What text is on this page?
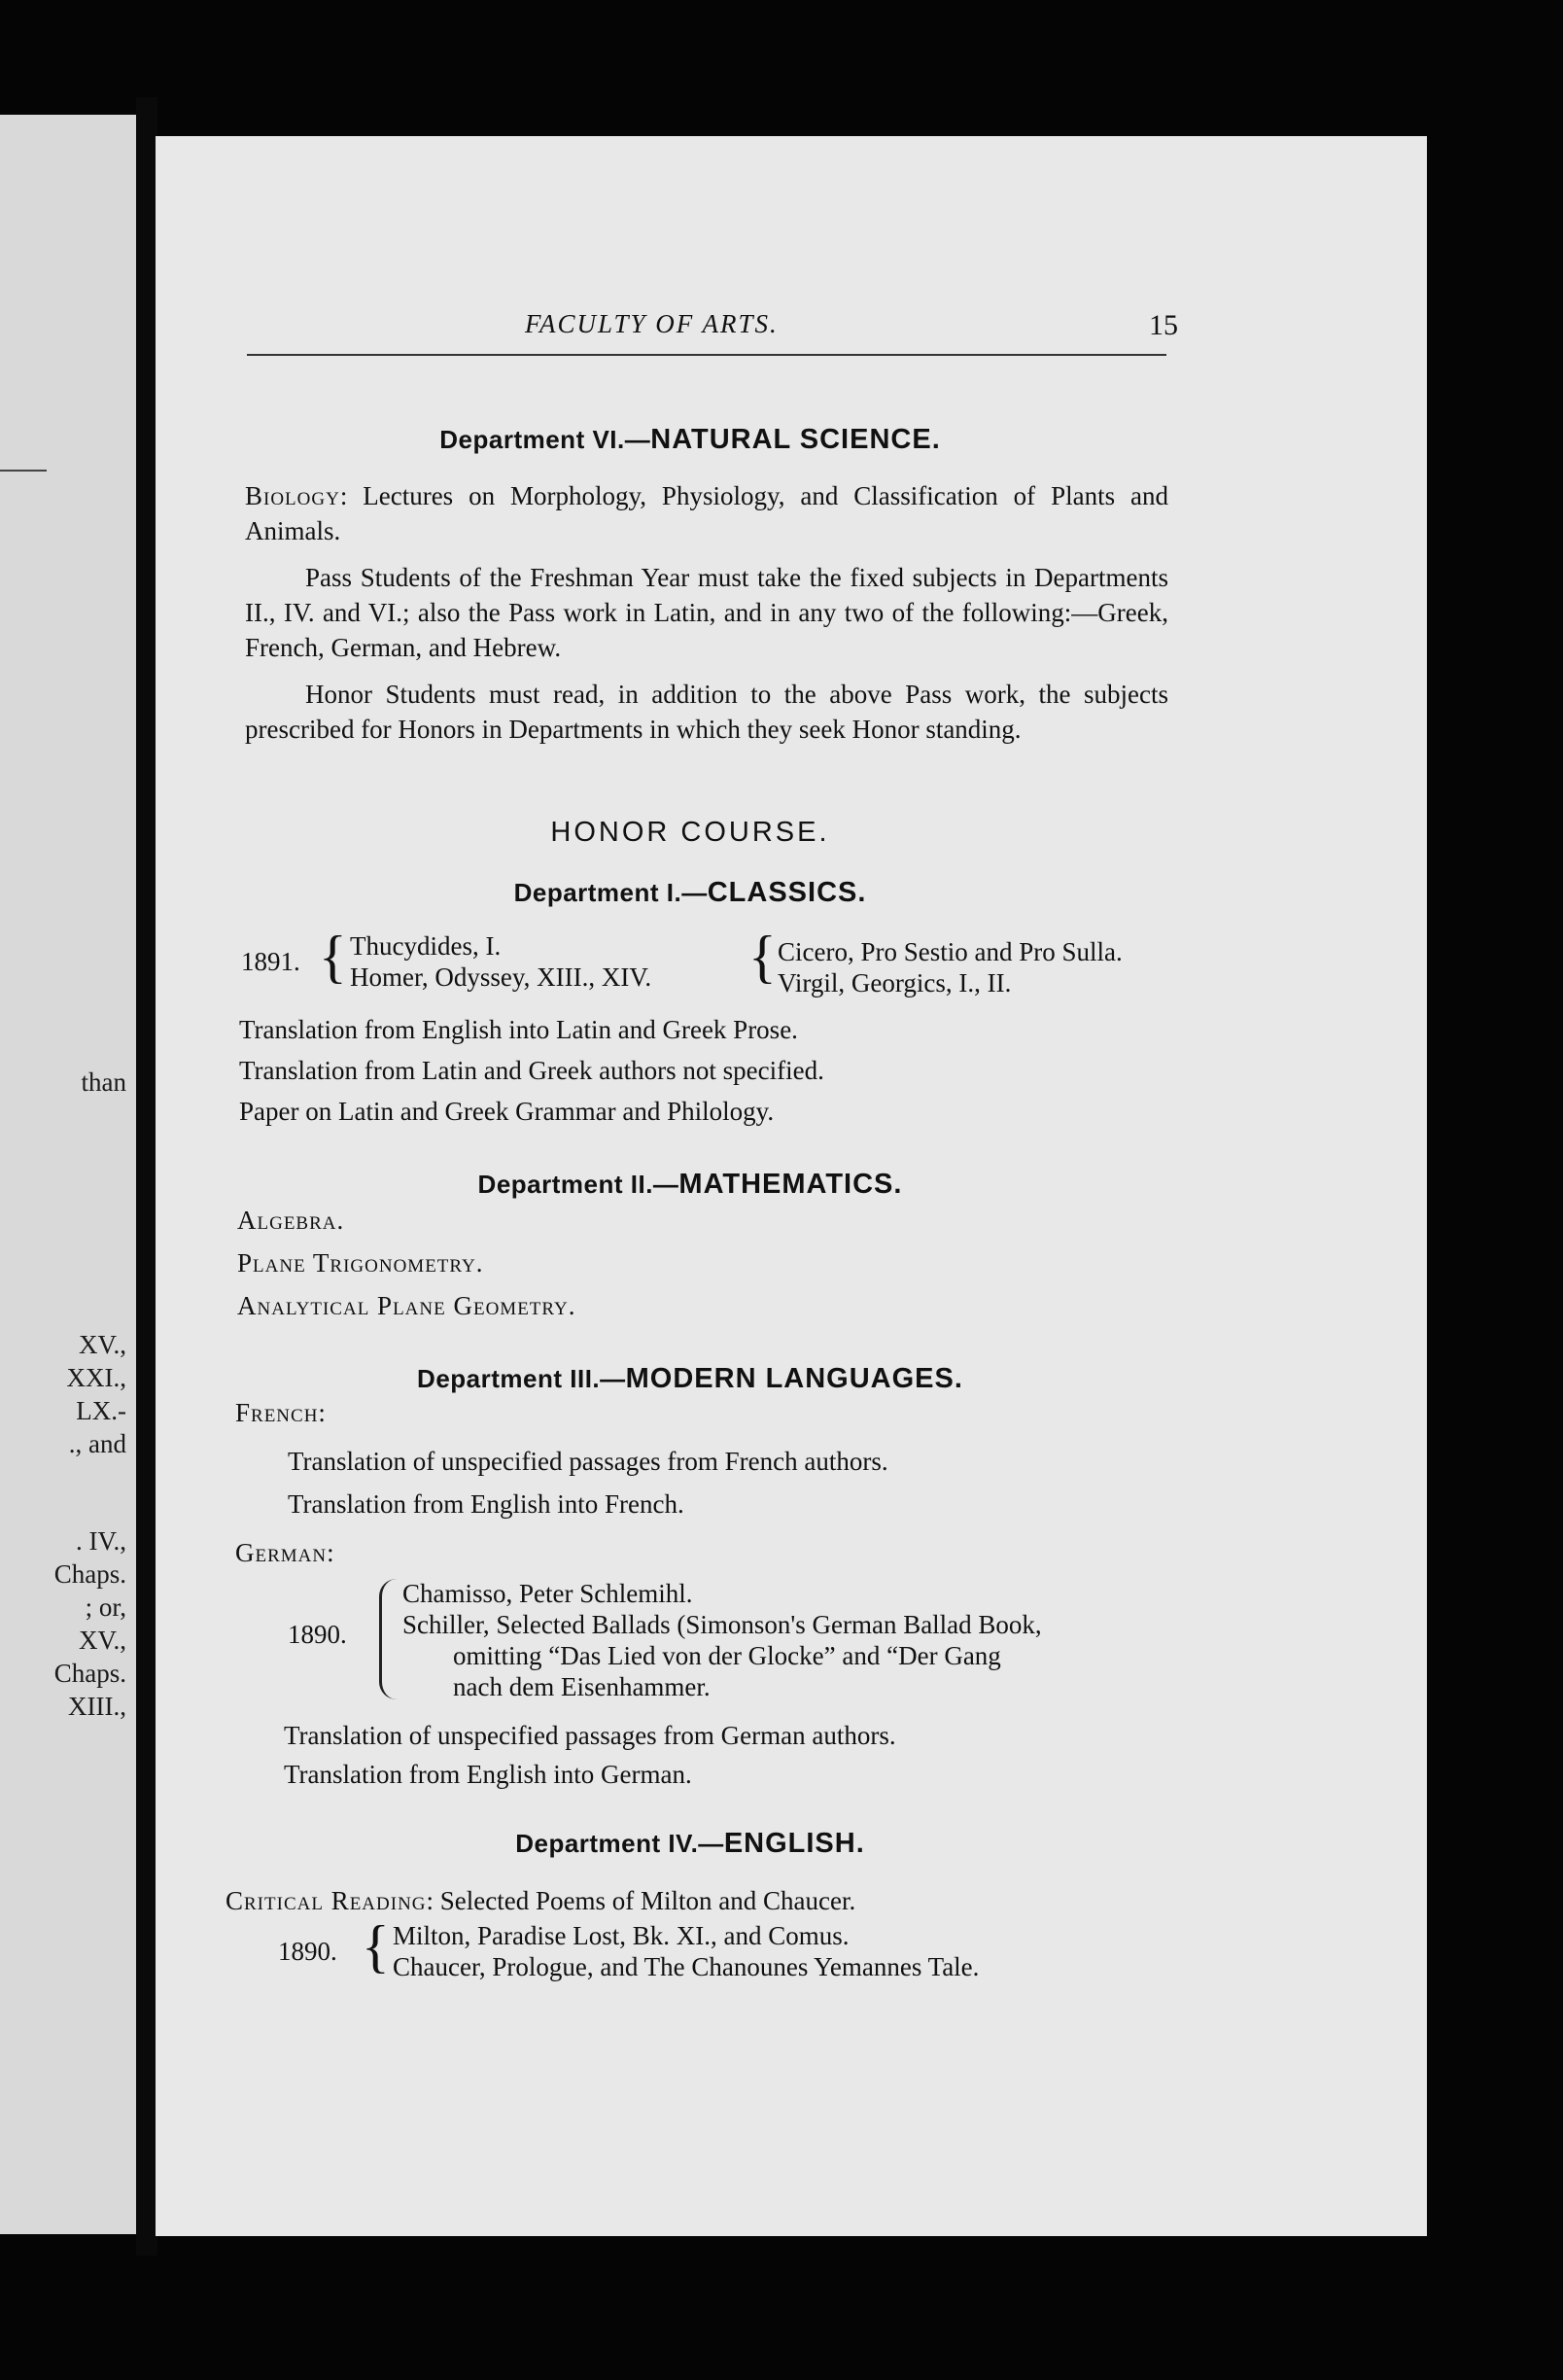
than
XV.,
XXI.,
LX.-
., and
. IV.,
Chaps.
; or,
XV.,
Chaps.
XIII.,
FACULTY OF ARTS.	15
Department VI.—NATURAL SCIENCE.
Biology: Lectures on Morphology, Physiology, and Classification of Plants and Animals.
Pass Students of the Freshman Year must take the fixed subjects in Departments II., IV. and VI.; also the Pass work in Latin, and in any two of the following:—Greek, French, German, and Hebrew.
Honor Students must read, in addition to the above Pass work, the subjects prescribed for Honors in Departments in which they seek Honor standing.
HONOR COURSE.
Department I.—CLASSICS.
1891. { Thucydides, I.
Homer, Odyssey, XIII., XIV. { Cicero, Pro Sestio and Pro Sulla.
Virgil, Georgics, I., II.
Translation from English into Latin and Greek Prose.
Translation from Latin and Greek authors not specified.
Paper on Latin and Greek Grammar and Philology.
Department II.—MATHEMATICS.
Algebra.
Plane Trigonometry.
Analytical Plane Geometry.
Department III.—MODERN LANGUAGES.
French:
Translation of unspecified passages from French authors.
Translation from English into French.
German:
1890.
Chamisso, Peter Schlemihl.
Schiller, Selected Ballads (Simonson's German Ballad Book,
omitting “Das Lied von der Glocke” and “Der Gang
nach dem Eisenhammer.
Translation of unspecified passages from German authors.
Translation from English into German.
Department IV.—ENGLISH.
Critical Reading: Selected Poems of Milton and Chaucer.
1890. { Milton, Paradise Lost, Bk. XI., and Comus.
Chaucer, Prologue, and The Chanounes Yemannes Tale.
